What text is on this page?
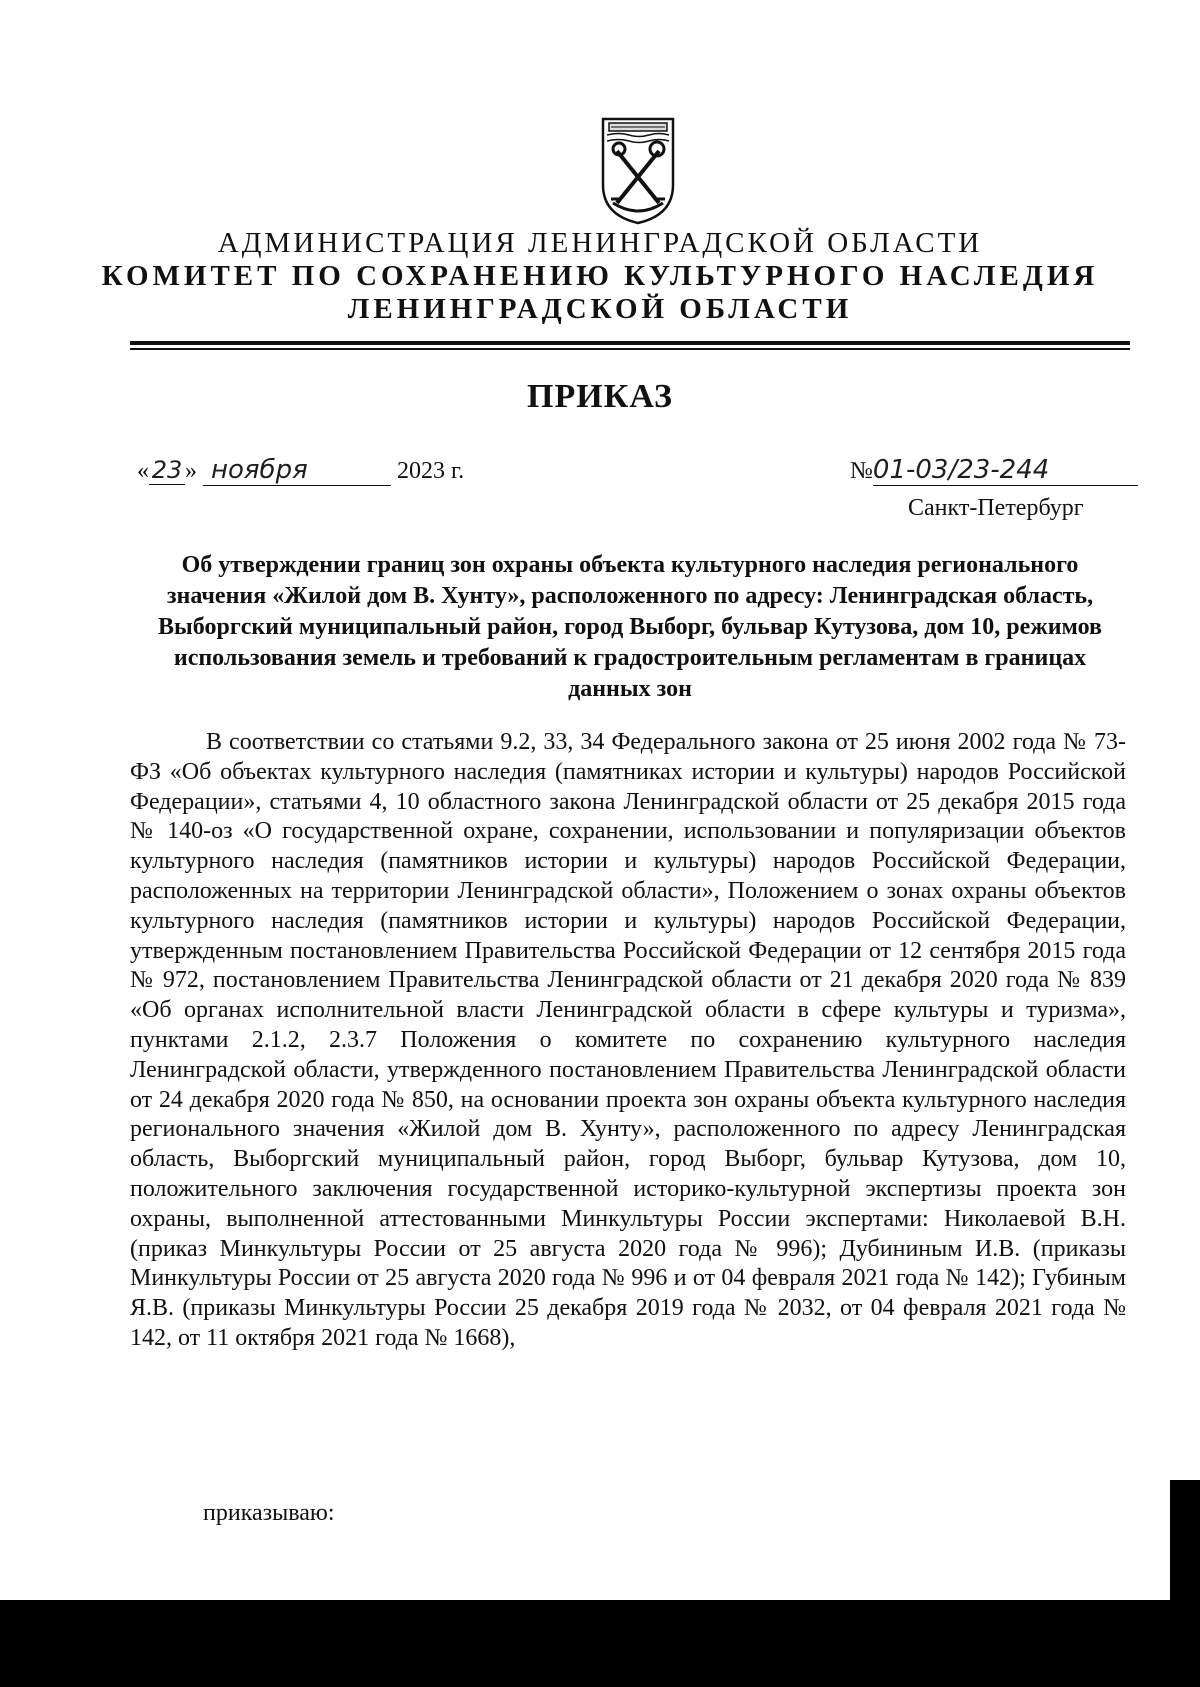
АДМИНИСТРАЦИЯ ЛЕНИНГРАДСКОЙ ОБЛАСТИ
КОМИТЕТ ПО СОХРАНЕНИЮ КУЛЬТУРНОГО НАСЛЕДИЯ
ЛЕНИНГРАДСКОЙ ОБЛАСТИ
ПРИКАЗ
« 23 » ноября	2023 г.	№01-03/23-244
Санкт-Петербург
Об утверждении границ зон охраны объекта культурного наследия регионального значения «Жилой дом В. Хунту», расположенного по адресу: Ленинградская область, Выборгский муниципальный район, город Выборг, бульвар Кутузова, дом 10, режимов использования земель и требований к градостроительным регламентам в границах данных зон

В соответствии со статьями 9.2, 33, 34 Федерального закона от 25 июня 2002 года № 73-ФЗ «Об объектах культурного наследия (памятниках истории и культуры) народов Российской Федерации», статьями 4, 10 областного закона Ленинградской области от 25 декабря 2015 года № 140-оз «О государственной охране, сохранении, использовании и популяризации объектов культурного наследия (памятников истории и культуры) народов Российской Федерации, расположенных на территории Ленинградской области», Положением о зонах охраны объектов культурного наследия (памятников истории и культуры) народов Российской Федерации, утвержденным постановлением Правительства Российской Федерации от 12 сентября 2015 года № 972, постановлением Правительства Ленинградской области от 21 декабря 2020 года № 839 «Об органах исполнительной власти Ленинградской области в сфере культуры и туризма», пунктами 2.1.2, 2.3.7 Положения о комитете по сохранению культурного наследия Ленинградской области, утвержденного постановлением Правительства Ленинградской области от 24 декабря 2020 года № 850, на основании проекта зон охраны объекта культурного наследия регионального значения «Жилой дом В. Хунту», расположенного по адресу Ленинградская область, Выборгский муниципальный район, город Выборг, бульвар Кутузова, дом 10, положительного заключения государственной историко-культурной экспертизы проекта зон охраны, выполненной аттестованными Минкультуры России экспертами: Николаевой В.Н. (приказ Минкультуры России от 25 августа 2020 года № 996); Дубининым И.В. (приказы Минкультуры России от 25 августа 2020 года № 996 и от 04 февраля 2021 года № 142); Губиным Я.В. (приказы Минкультуры России 25 декабря 2019 года № 2032, от 04 февраля 2021 года № 142, от 11 октября 2021 года № 1668),

приказываю:
